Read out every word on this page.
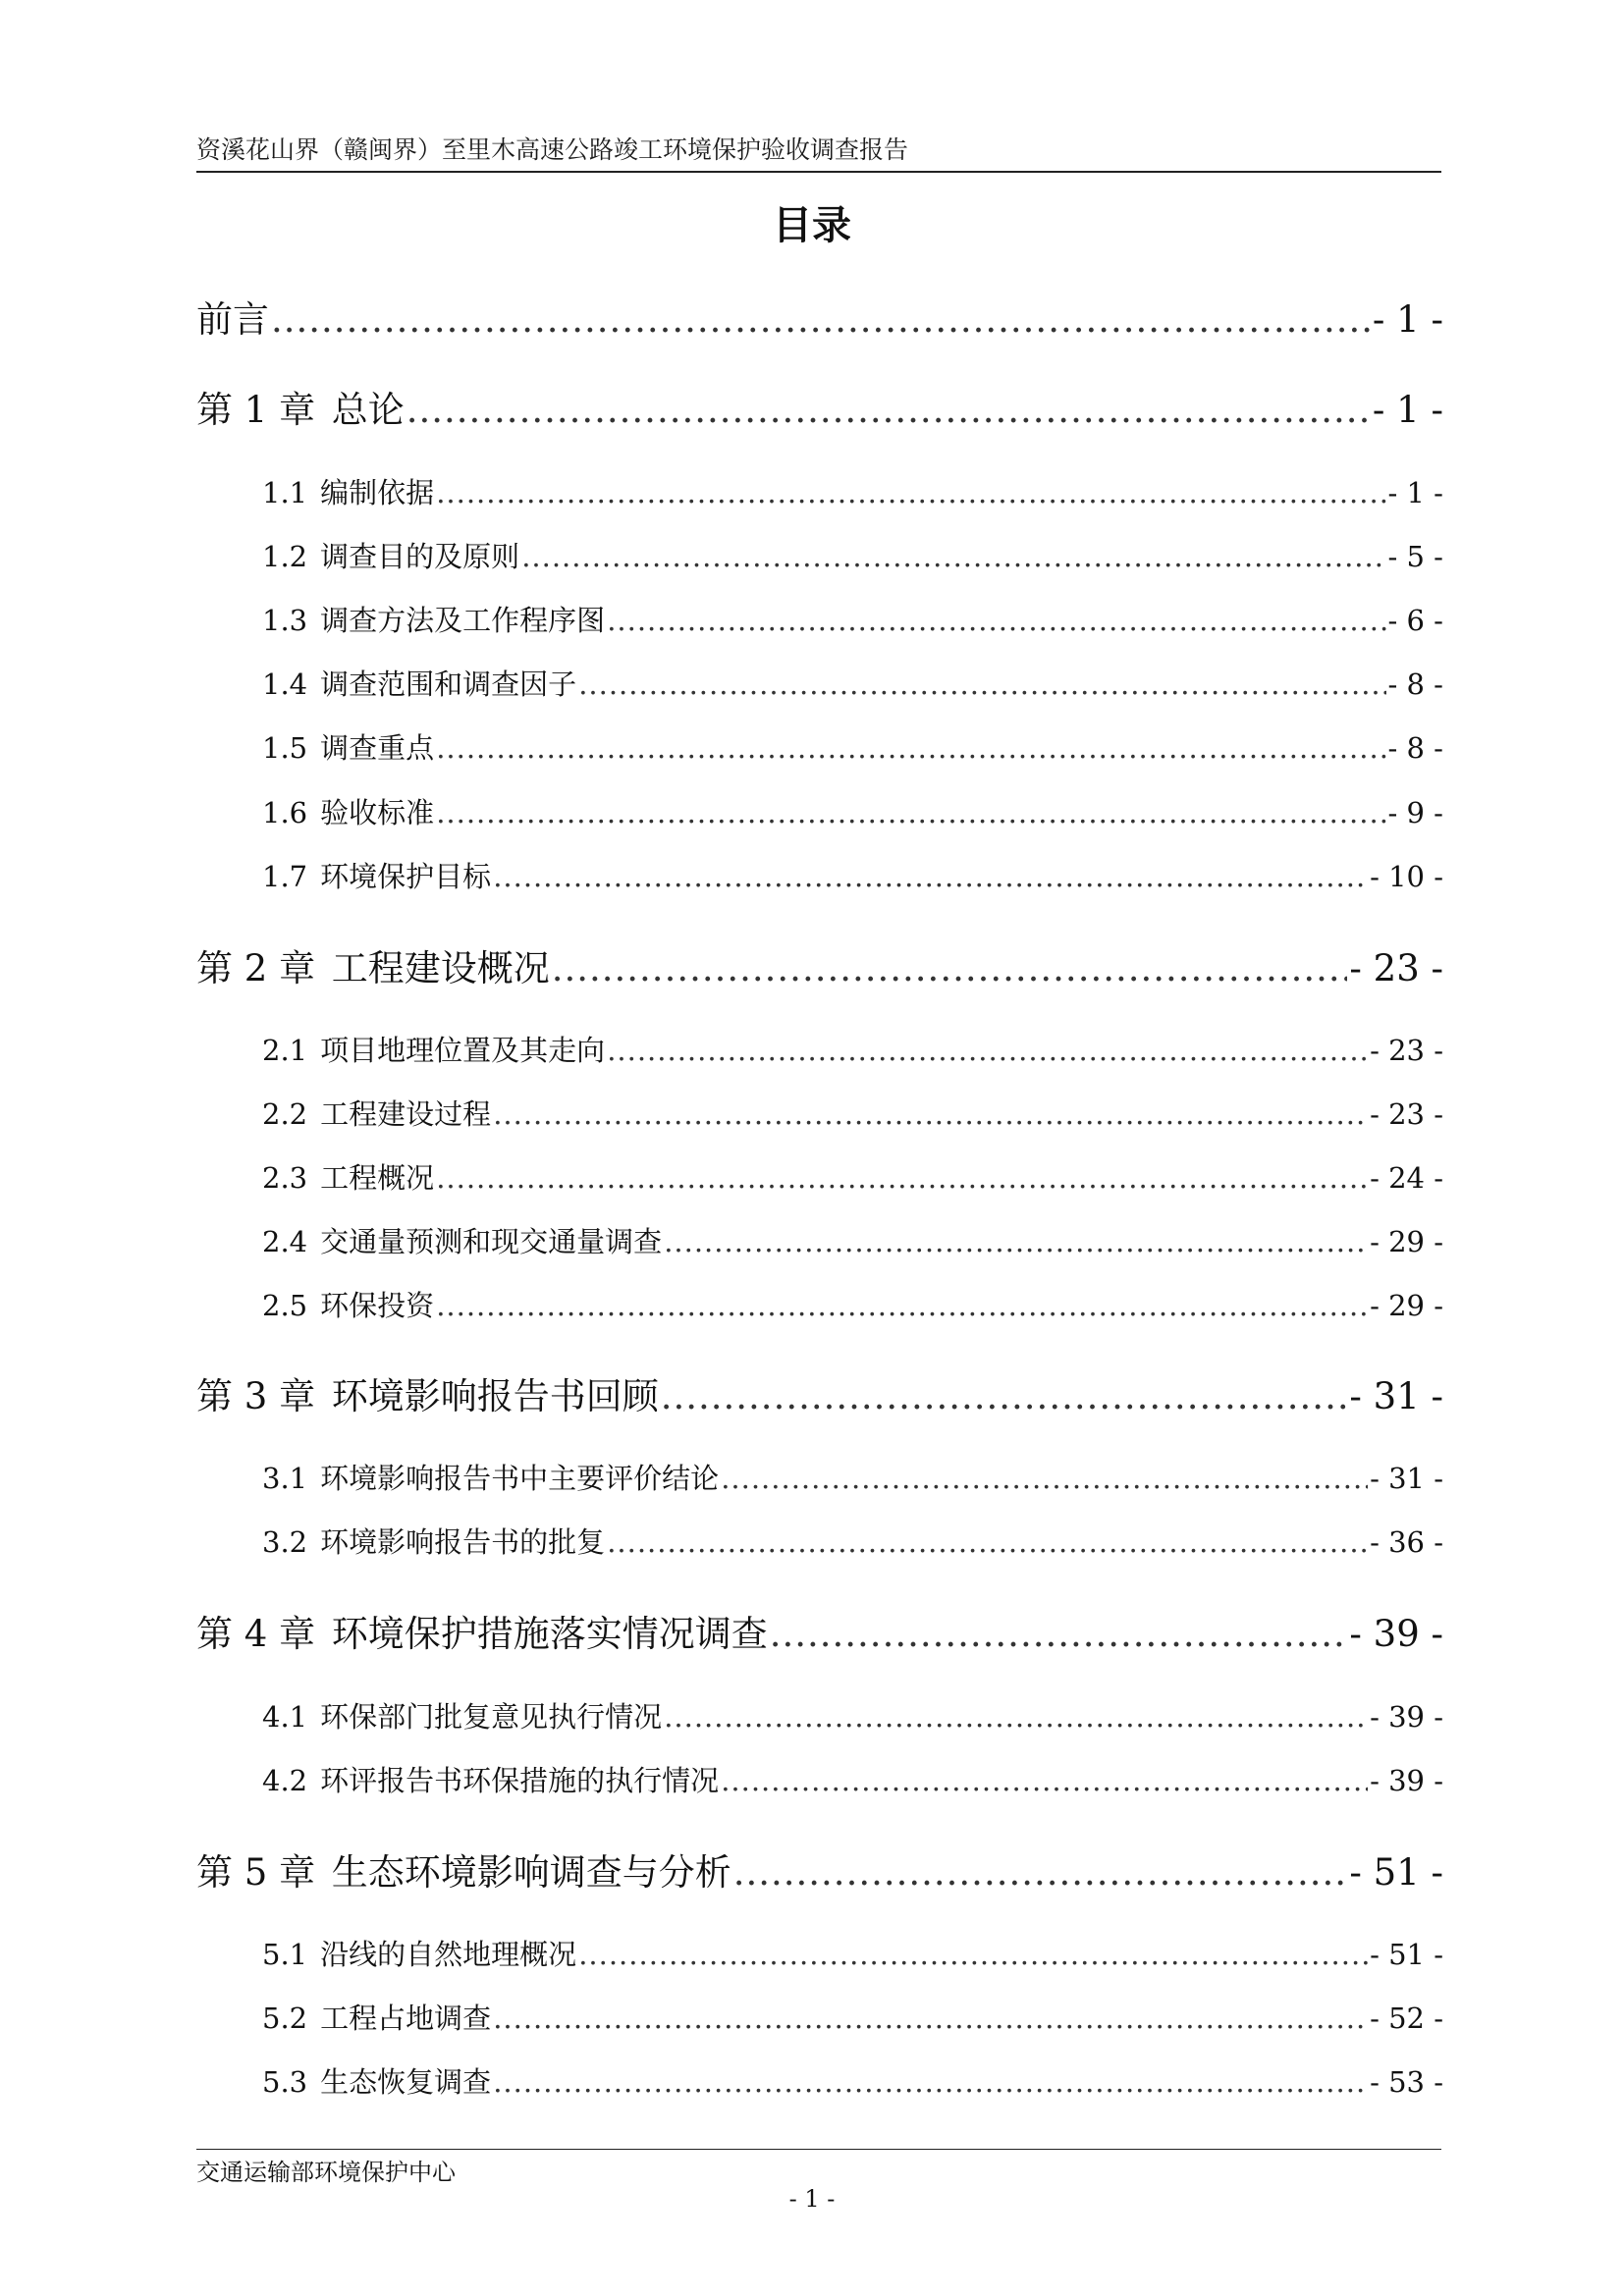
资溪花山界（赣闽界）至里木高速公路竣工环境保护验收调查报告
目录
前言 .....	- 1 -
第 1 章 总论 .....	- 1 -
1.1 编制依据 .....	- 1 -
1.2 调查目的及原则 .....	- 5 -
1.3 调查方法及工作程序图 .....	- 6 -
1.4 调查范围和调查因子 .....	- 8 -
1.5 调查重点 .....	- 8 -
1.6 验收标准 .....	- 9 -
1.7 环境保护目标 .....	- 10 -
第 2 章 工程建设概况 .....	- 23 -
2.1 项目地理位置及其走向 .....	- 23 -
2.2 工程建设过程 .....	- 23 -
2.3 工程概况 .....	- 24 -
2.4 交通量预测和现交通量调查 .....	- 29 -
2.5 环保投资 .....	- 29 -
第 3 章 环境影响报告书回顾 .....	- 31 -
3.1 环境影响报告书中主要评价结论 .....	- 31 -
3.2 环境影响报告书的批复 .....	- 36 -
第 4 章 环境保护措施落实情况调查 .....	- 39 -
4.1 环保部门批复意见执行情况 .....	- 39 -
4.2 环评报告书环保措施的执行情况 .....	- 39 -
第 5 章 生态环境影响调查与分析 .....	- 51 -
5.1 沿线的自然地理概况 .....	- 51 -
5.2 工程占地调查 .....	- 52 -
5.3 生态恢复调查 .....	- 53 -
交通运输部环境保护中心
- 1 -
